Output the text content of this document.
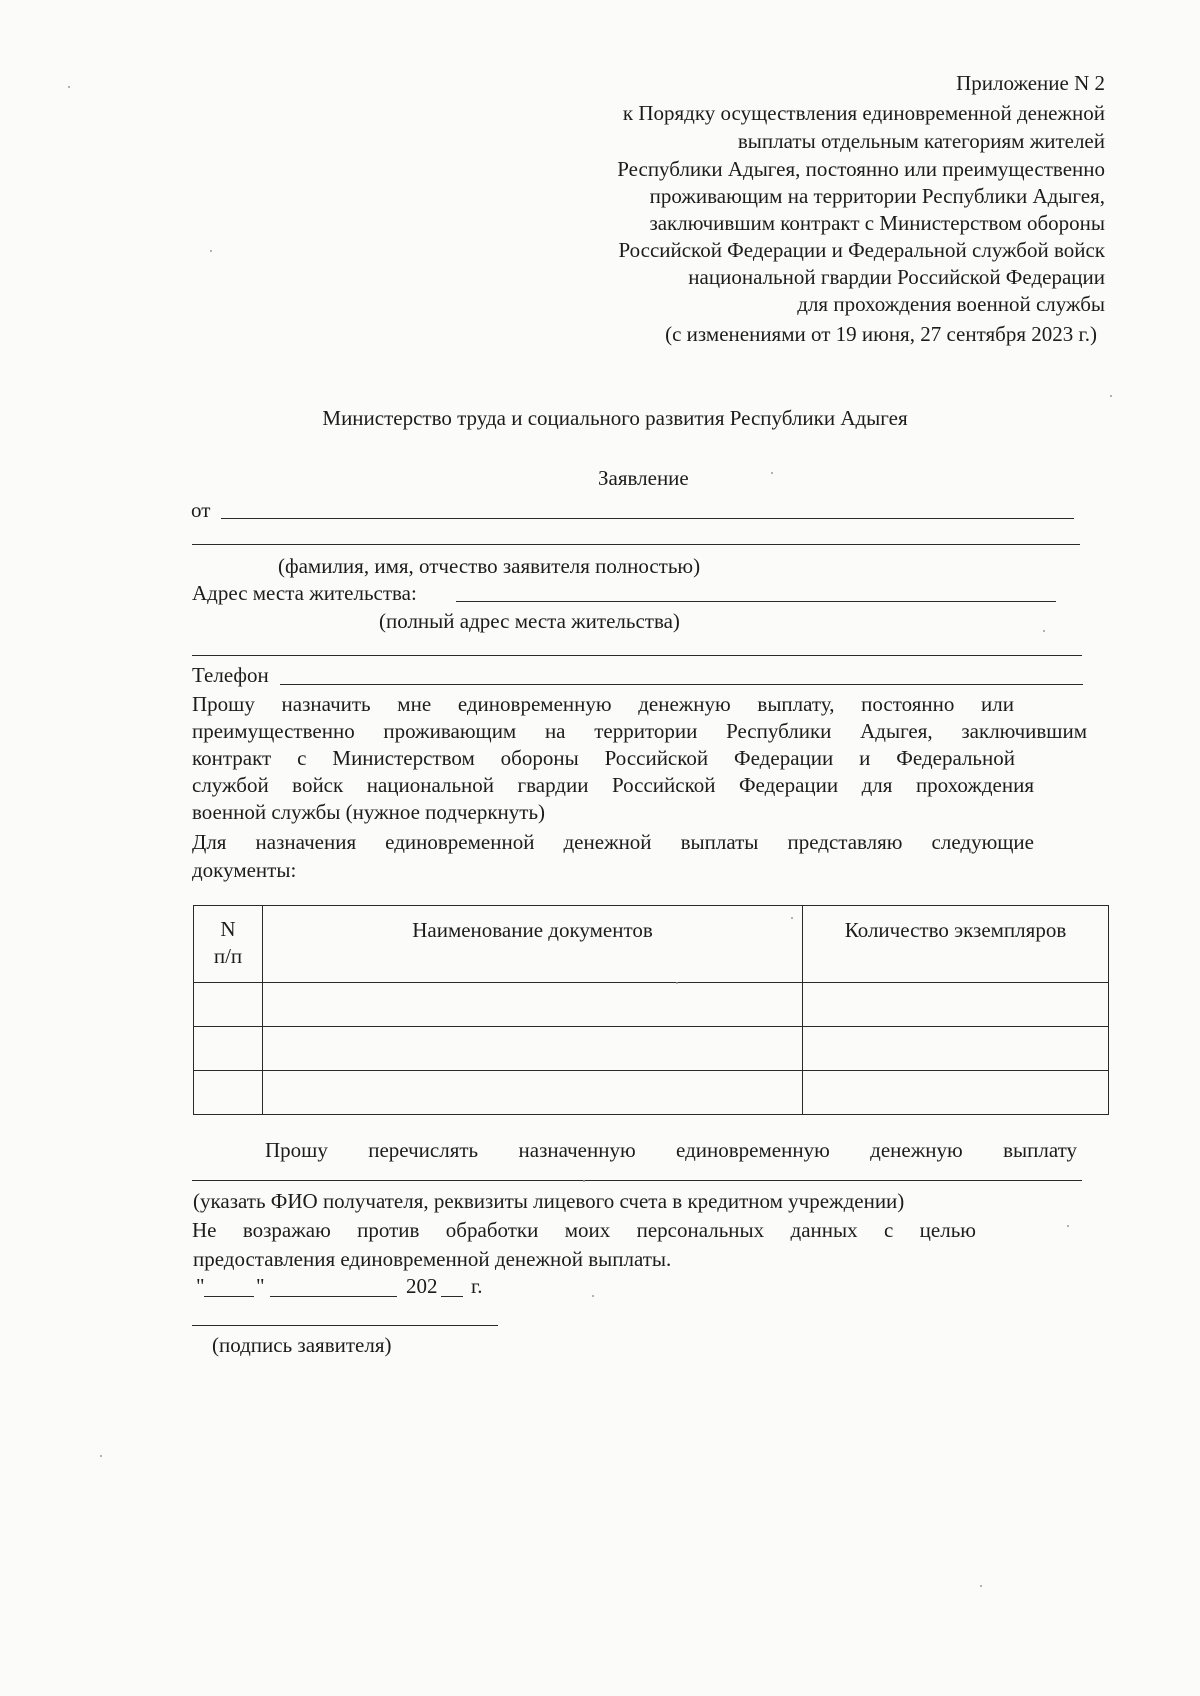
Приложение N 2
к Порядку осуществления единовременной денежной
выплаты отдельным категориям жителей
Республики Адыгея, постоянно или преимущественно
проживающим на территории Республики Адыгея,
заключившим контракт с Министерством обороны
Российской Федерации и Федеральной службой войск
национальной гвардии Российской Федерации
для прохождения военной службы
(с изменениями от 19 июня, 27 сентября 2023 г.)
Министерство труда и социального развития Республики Адыгея
Заявление
от
(фамилия, имя, отчество заявителя полностью)
Адрес места жительства:
(полный адрес места жительства)
Телефон
Прошу назначить мне единовременную денежную выплату, постоянно или
преимущественно проживающим на территории Республики Адыгея, заключившим
контракт с Министерством обороны Российской Федерации и Федеральной
службой войск национальной гвардии Российской Федерации для прохождения
военной службы (нужное подчеркнуть)
Для назначения единовременной денежной выплаты представляю следующие
документы:
N
п/п	Наименование документов	Количество экземпляров

Прошу перечислять назначенную единовременную денежную выплату
(указать ФИО получателя, реквизиты лицевого счета в кредитном учреждении)
Не возражаю против обработки моих персональных данных с целью
предоставления единовременной денежной выплаты.
" "	202 г.
(подпись заявителя)
